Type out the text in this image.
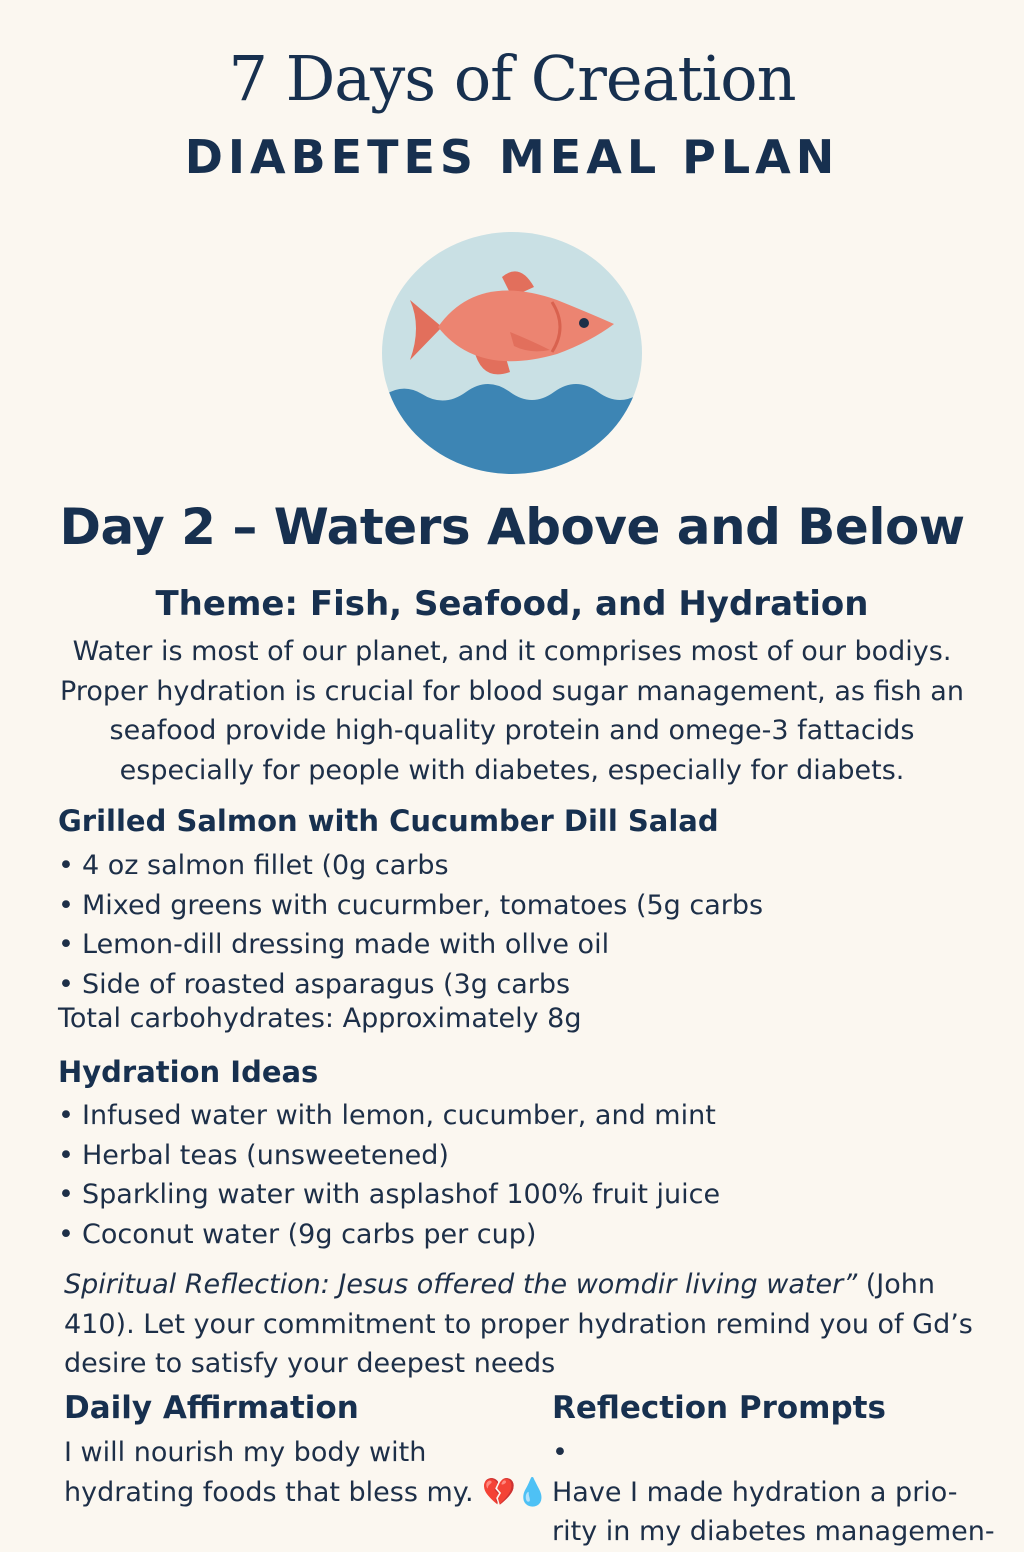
7 Days of Creation
DIABETES MEAL PLAN
Day 2 – Waters Above and Below
Theme: Fish, Seafood, and Hydration
Water is most of our planet, and it comprises most of our bodiys.
Proper hydration is crucial for blood sugar management, as fish an
seafood provide high-quality protein and omege-3 fattacids
especially for people with diabetes, especially for diabets.
Grilled Salmon with Cucumber Dill Salad
• 4 oz salmon fillet (0g carbs
• Mixed greens with cucurmber, tomatoes (5g carbs
• Lemon-dill dressing made with ollve oil
• Side of roasted asparagus (3g carbs
Total carbohydrates: Approximately 8g
Hydration Ideas
• Infused water with lemon, cucumber, and mint
• Herbal teas (unsweetened)
• Sparkling water with asplashof 100% fruit juice
• Coconut water (9g carbs per cup)
Spiritual Reflection: Jesus offered the womdir living water” (John
410). Let your commitment to proper hydration remind you of Gd’s
desire to satisfy your deepest needs
Daily Affirmation
I will nourish my body with
hydrating foods that bless my. 💔💧
Reflection Prompts
•
Have I made hydration a prio-
rity in my diabetes managemen-
